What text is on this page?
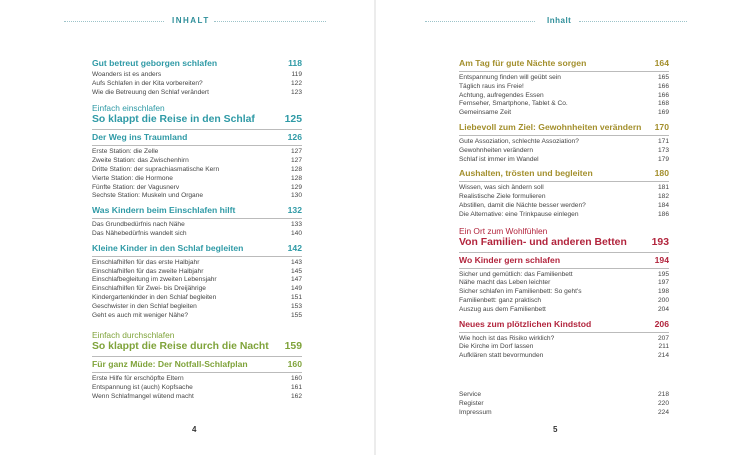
INHALT
Gut betreut geborgen schlafen	118
Woanders ist es anders	119
Aufs Schlafen in der Kita vorbereiten?	122
Wie die Betreuung den Schlaf verändert	123
Einfach einschlafen
So klappt die Reise in den Schlaf	125
Der Weg ins Traumland	126
Erste Station: die Zelle	127
Zweite Station: das Zwischenhirn	127
Dritte Station: der suprachiasmatische Kern	128
Vierte Station: die Hormone	128
Fünfte Station: der Vagusnerv	129
Sechste Station: Muskeln und Organe	130
Was Kindern beim Einschlafen hilft	132
Das Grundbedürfnis nach Nähe	133
Das Nähebedürfnis wandelt sich	140
Kleine Kinder in den Schlaf begleiten	142
Einschlafhilfen für das erste Halbjahr	143
Einschlafhilfen für das zweite Halbjahr	145
Einschlafbegleitung im zweiten Lebensjahr	147
Einschlafhilfen für Zwei- bis Dreijährige	149
Kindergartenkinder in den Schlaf begleiten	151
Geschwister in den Schlaf begleiten	153
Geht es auch mit weniger Nähe?	155
Einfach durchschlafen
So klappt die Reise durch die Nacht 159
Für ganz Müde: Der Notfall-Schlafplan	160
Erste Hilfe für erschöpfte Eltern	160
Entspannung ist (auch) Kopfsache	161
Wenn Schlafmangel wütend macht	162
4
Inhalt
Am Tag für gute Nächte sorgen	164
Entspannung finden will geübt sein	165
Täglich raus ins Freie!	166
Achtung, aufregendes Essen	166
Fernseher, Smartphone, Tablet & Co.	168
Gemeinsame Zeit	169
Liebevoll zum Ziel: Gewohnheiten verändern 170
Gute Assoziation, schlechte Assoziation?	171
Gewohnheiten verändern	173
Schlaf ist immer im Wandel	179
Aushalten, trösten und begleiten	180
Wissen, was sich ändern soll	181
Realistische Ziele formulieren	182
Abstillen, damit die Nächte besser werden?	184
Die Alternative: eine Trinkpause einlegen	186
Ein Ort zum Wohlfühlen
Von Familien- und anderen Betten 193
Wo Kinder gern schlafen	194
Sicher und gemütlich: das Familienbett	195
Nähe macht das Leben leichter	197
Sicher schlafen im Familienbett: So geht's	198
Familienbett: ganz praktisch	200
Auszug aus dem Familienbett	204
Neues zum plötzlichen Kindstod	206
Wie hoch ist das Risiko wirklich?	207
Die Kirche im Dorf lassen	211
Aufklären statt bevormunden	214
Service	218
Register	220
Impressum	224
5
